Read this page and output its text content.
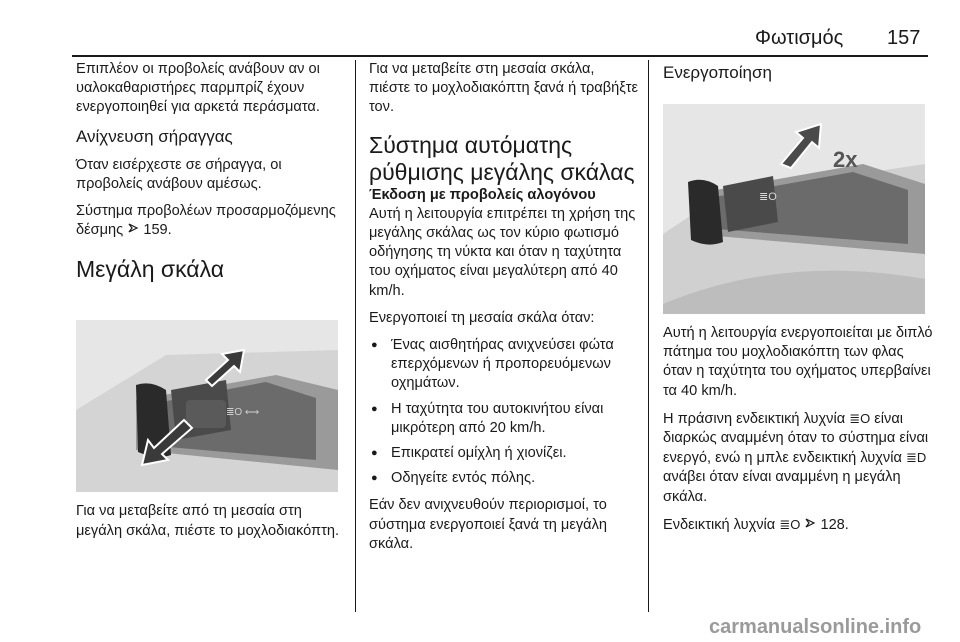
Φωτισμός 157

Επιπλέον οι προβολείς ανάβουν αν οι υαλοκαθαριστήρες παρμπρίζ έχουν ενεργοποιηθεί για αρκετά περάσματα.

Ανίχνευση σήραγγας

Όταν εισέρχεστε σε σήραγγα, οι προβολείς ανάβουν αμέσως.

Σύστημα προβολέων προσαρμοζόμενης δέσμης 159.

Μεγάλη σκάλα
≣O ⟷

Για να μεταβείτε από τη μεσαία στη μεγάλη σκάλα, πιέστε το μοχλοδιακόπτη.

Για να μεταβείτε στη μεσαία σκάλα, πιέστε το μοχλοδιακόπτη ξανά ή τραβήξτε τον.

Σύστημα αυτόματης ρύθμισης μεγάλης σκάλας
Έκδοση με προβολείς αλογόνου

Αυτή η λειτουργία επιτρέπει τη χρήση της μεγάλης σκάλας ως τον κύριο φωτισμό οδήγησης τη νύκτα και όταν η ταχύτητα του οχήματος είναι μεγαλύτερη από 40 km/h.

Ενεργοποιεί τη μεσαία σκάλα όταν:

● Ένας αισθητήρας ανιχνεύσει φώτα επερχόμενων ή προπορευόμενων οχημάτων.
● Η ταχύτητα του αυτοκινήτου είναι μικρότερη από 20 km/h.
● Επικρατεί ομίχλη ή χιονίζει.
● Οδηγείτε εντός πόλης.

Εάν δεν ανιχνευθούν περιορισμοί, το σύστημα ενεργοποιεί ξανά τη μεγάλη σκάλα.

Ενεργοποίηση
≣O
2x

Αυτή η λειτουργία ενεργοποιείται με διπλό πάτημα του μοχλοδιακόπτη των φλας όταν η ταχύτητα του οχήματος υπερβαίνει τα 40 km/h.

Η πράσινη ενδεικτική λυχνία ≣O είναι διαρκώς αναμμένη όταν το σύστημα είναι ενεργό, ενώ η μπλε ενδεικτική λυχνία ≣D ανάβει όταν είναι αναμμένη η μεγάλη σκάλα.

Ενδεικτική λυχνία ≣O 128.

carmanualsonline.info
